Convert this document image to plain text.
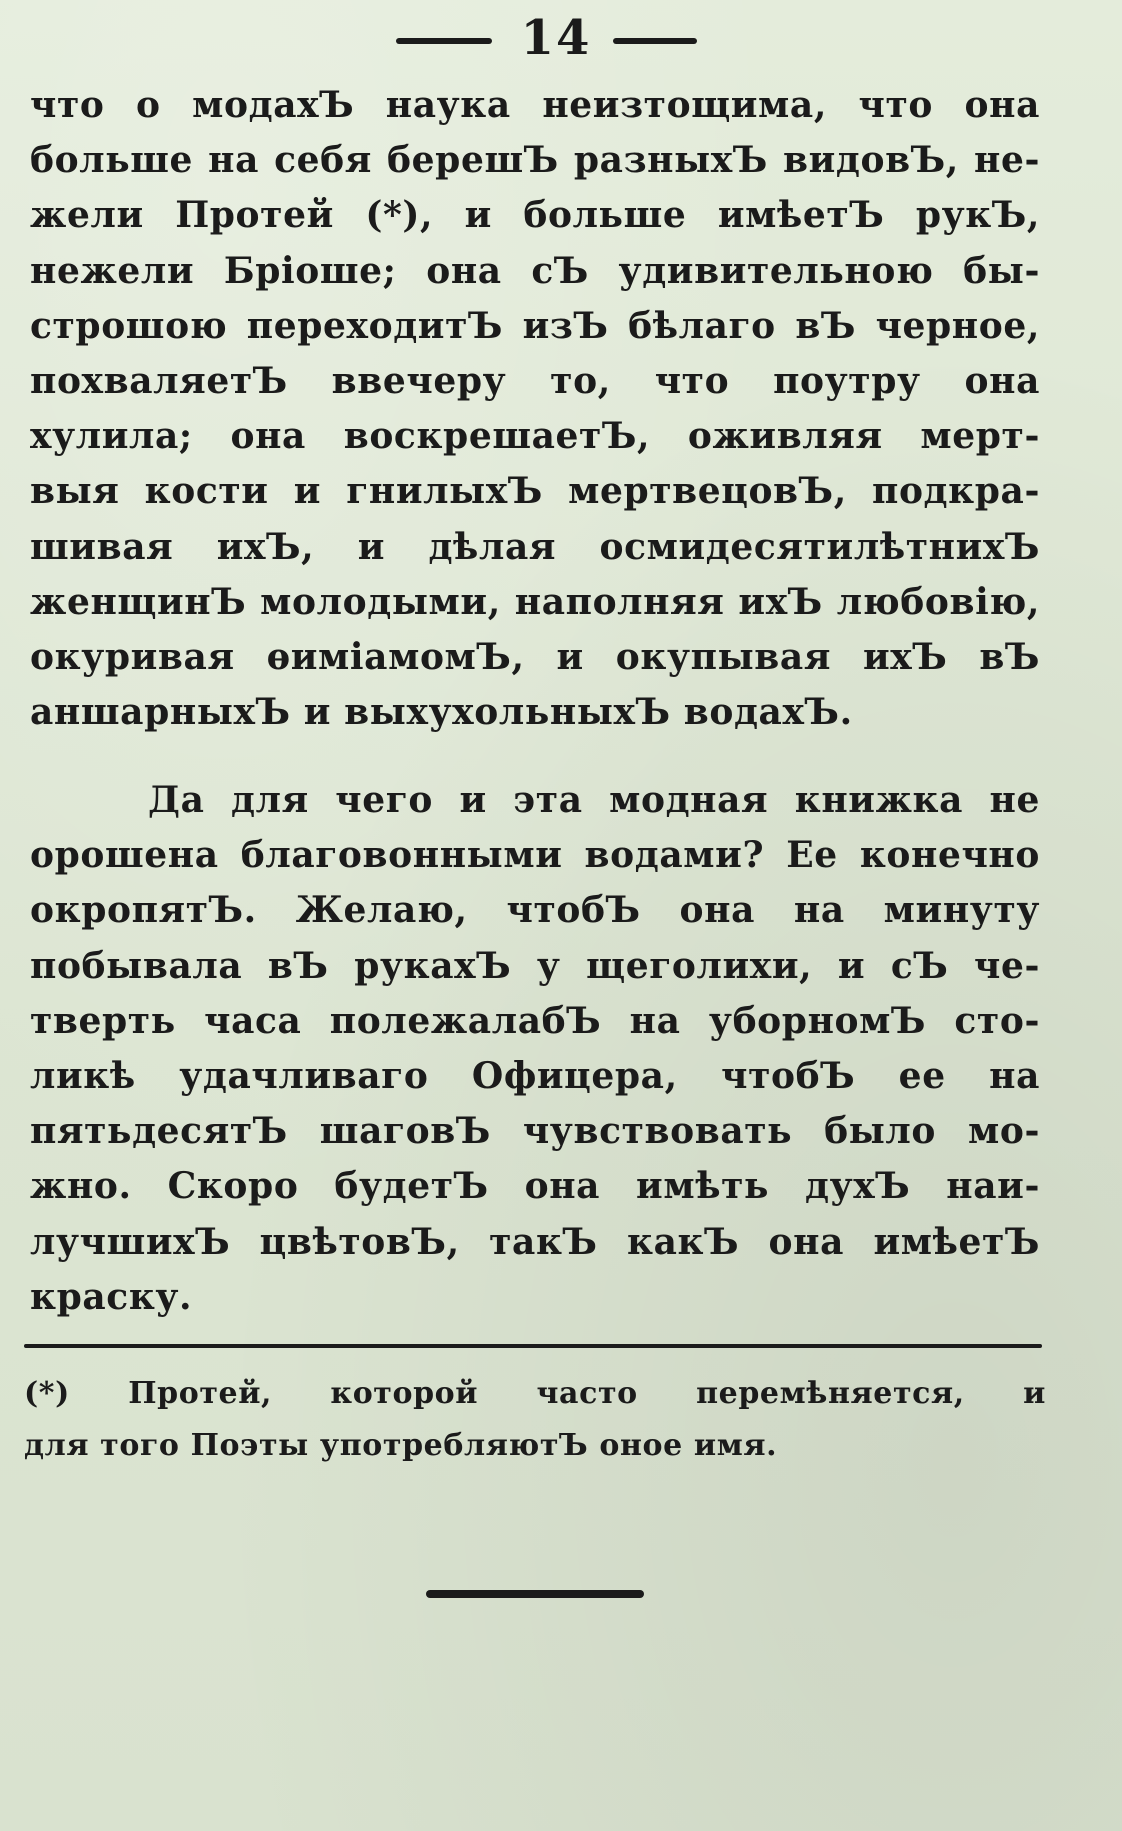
14

что о модахЪ наука неизтощима, что она
больше на себя берешЪ разныхЪ видовЪ, не-
жели Протей (*), и больше имѣетЪ рукЪ,
нежели Бріоше; она сЪ удивительною бы-
строшою переходитЪ изЪ бѣлаго вЪ черное,
похваляетЪ ввечеру то, что поутру она
хулила; она воскрешаетЪ, оживляя мерт-
выя кости и гнилыхЪ мертвецовЪ, подкра-
шивая ихЪ, и дѣлая осмидесятилѣтнихЪ
женщинЪ молодыми, наполняя ихЪ любовію,
окуривая ѳиміамомЪ, и окупывая ихЪ вЪ
аншарныхЪ и выхухольныхЪ водахЪ.

Да для чего и эта модная книжка не
орошена благовонными водами? Ее конечно
окропятЪ. Желаю, чтобЪ она на минуту
побывала вЪ рукахЪ у щеголихи, и сЪ че-
тверть часа полежалабЪ на уборномЪ сто-
ликѣ удачливаго Офицера, чтобЪ ее на
пятьдесятЪ шаговЪ чувствовать было мо-
жно. Скоро будетЪ она имѣть духЪ наи-
лучшихЪ цвѣтовЪ, такЪ какЪ она имѣетЪ
краску.

(*) Протей, которой часто перемѣняется, и
для того Поэты употребляютЪ оное имя.
